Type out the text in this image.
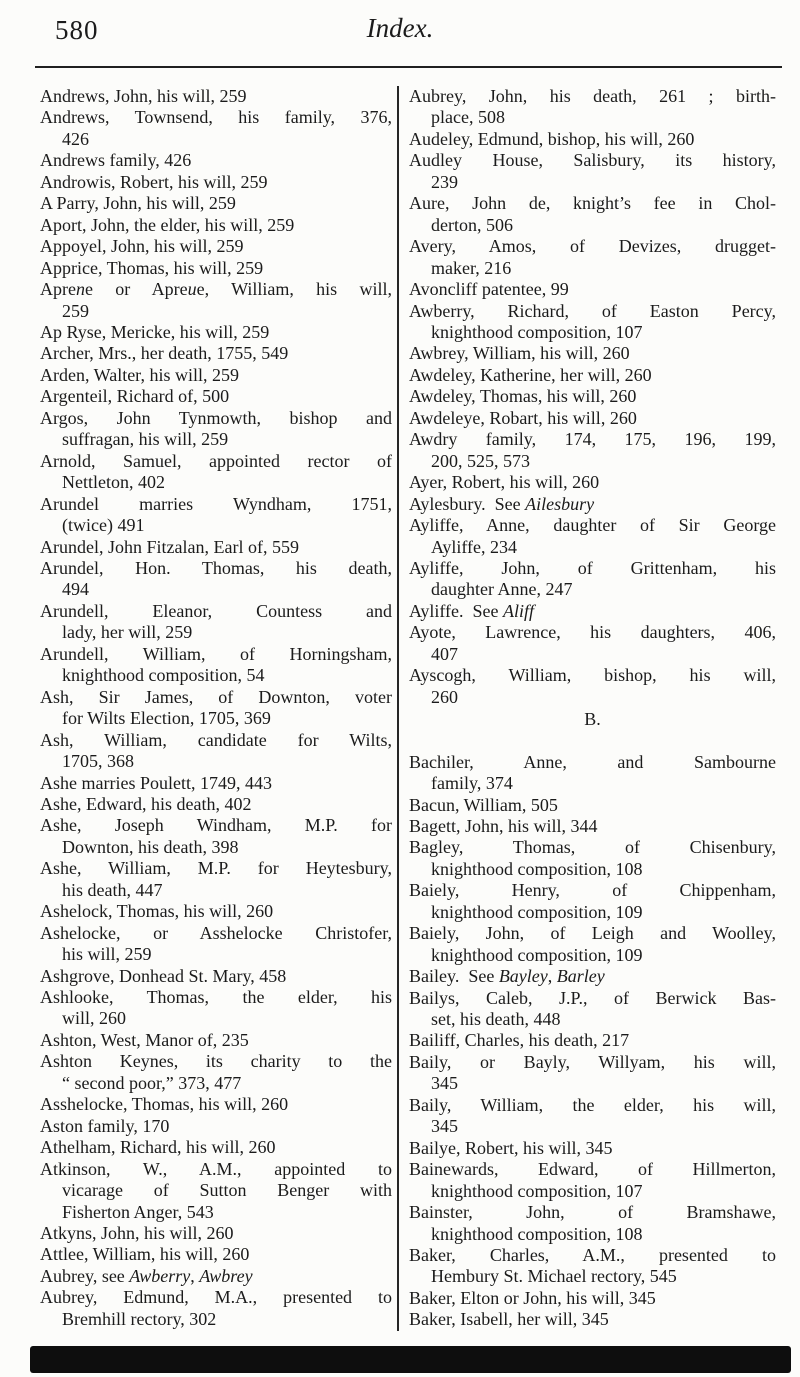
580	Index.
Andrews, John, his will, 259
Andrews, Townsend, his family, 376,
426
Andrews family, 426
Androwis, Robert, his will, 259
A Parry, John, his will, 259
Aport, John, the elder, his will, 259
Appoyel, John, his will, 259
Apprice, Thomas, his will, 259
Aprene or Apreue, William, his will,
259
Ap Ryse, Mericke, his will, 259
Archer, Mrs., her death, 1755, 549
Arden, Walter, his will, 259
Argenteil, Richard of, 500
Argos, John Tynmowth, bishop and
suffragan, his will, 259
Arnold, Samuel, appointed rector of
Nettleton, 402
Arundel marries Wyndham, 1751,
(twice) 491
Arundel, John Fitzalan, Earl of, 559
Arundel, Hon. Thomas, his death,
494
Arundell, Eleanor, Countess and
lady, her will, 259
Arundell, William, of Horningsham,
knighthood composition, 54
Ash, Sir James, of Downton, voter
for Wilts Election, 1705, 369
Ash, William, candidate for Wilts,
1705, 368
Ashe marries Poulett, 1749, 443
Ashe, Edward, his death, 402
Ashe, Joseph Windham, M.P. for
Downton, his death, 398
Ashe, William, M.P. for Heytesbury,
his death, 447
Ashelock, Thomas, his will, 260
Ashelocke, or Asshelocke Christofer,
his will, 259
Ashgrove, Donhead St. Mary, 458
Ashlooke, Thomas, the elder, his
will, 260
Ashton, West, Manor of, 235
Ashton Keynes, its charity to the
“ second poor,” 373, 477
Asshelocke, Thomas, his will, 260
Aston family, 170
Athelham, Richard, his will, 260
Atkinson, W., A.M., appointed to
vicarage of Sutton Benger with
Fisherton Anger, 543
Atkyns, John, his will, 260
Attlee, William, his will, 260
Aubrey, see Awberry, Awbrey
Aubrey, Edmund, M.A., presented to
Bremhill rectory, 302
Aubrey, John, his death, 261 ; birth-
place, 508
Audeley, Edmund, bishop, his will, 260
Audley House, Salisbury, its history,
239
Aure, John de, knight’s fee in Chol-
derton, 506
Avery, Amos, of Devizes, drugget-
maker, 216
Avoncliff patentee, 99
Awberry, Richard, of Easton Percy,
knighthood composition, 107
Awbrey, William, his will, 260
Awdeley, Katherine, her will, 260
Awdeley, Thomas, his will, 260
Awdeleye, Robart, his will, 260
Awdry family, 174, 175, 196, 199,
200, 525, 573
Ayer, Robert, his will, 260
Aylesbury.  See Ailesbury
Ayliffe, Anne, daughter of Sir George
Ayliffe, 234
Ayliffe, John, of Grittenham, his
daughter Anne, 247
Ayliffe.  See Aliff
Ayote, Lawrence, his daughters, 406,
407
Ayscogh, William, bishop, his will,
260
B.
Bachiler, Anne, and Sambourne
family, 374
Bacun, William, 505
Bagett, John, his will, 344
Bagley, Thomas, of Chisenbury,
knighthood composition, 108
Baiely, Henry, of Chippenham,
knighthood composition, 109
Baiely, John, of Leigh and Woolley,
knighthood composition, 109
Bailey.  See Bayley, Barley
Bailys, Caleb, J.P., of Berwick Bas-
set, his death, 448
Bailiff, Charles, his death, 217
Baily, or Bayly, Willyam, his will,
345
Baily, William, the elder, his will,
345
Bailye, Robert, his will, 345
Bainewards, Edward, of Hillmerton,
knighthood composition, 107
Bainster, John, of Bramshawe,
knighthood composition, 108
Baker, Charles, A.M., presented to
Hembury St. Michael rectory, 545
Baker, Elton or John, his will, 345
Baker, Isabell, her will, 345
